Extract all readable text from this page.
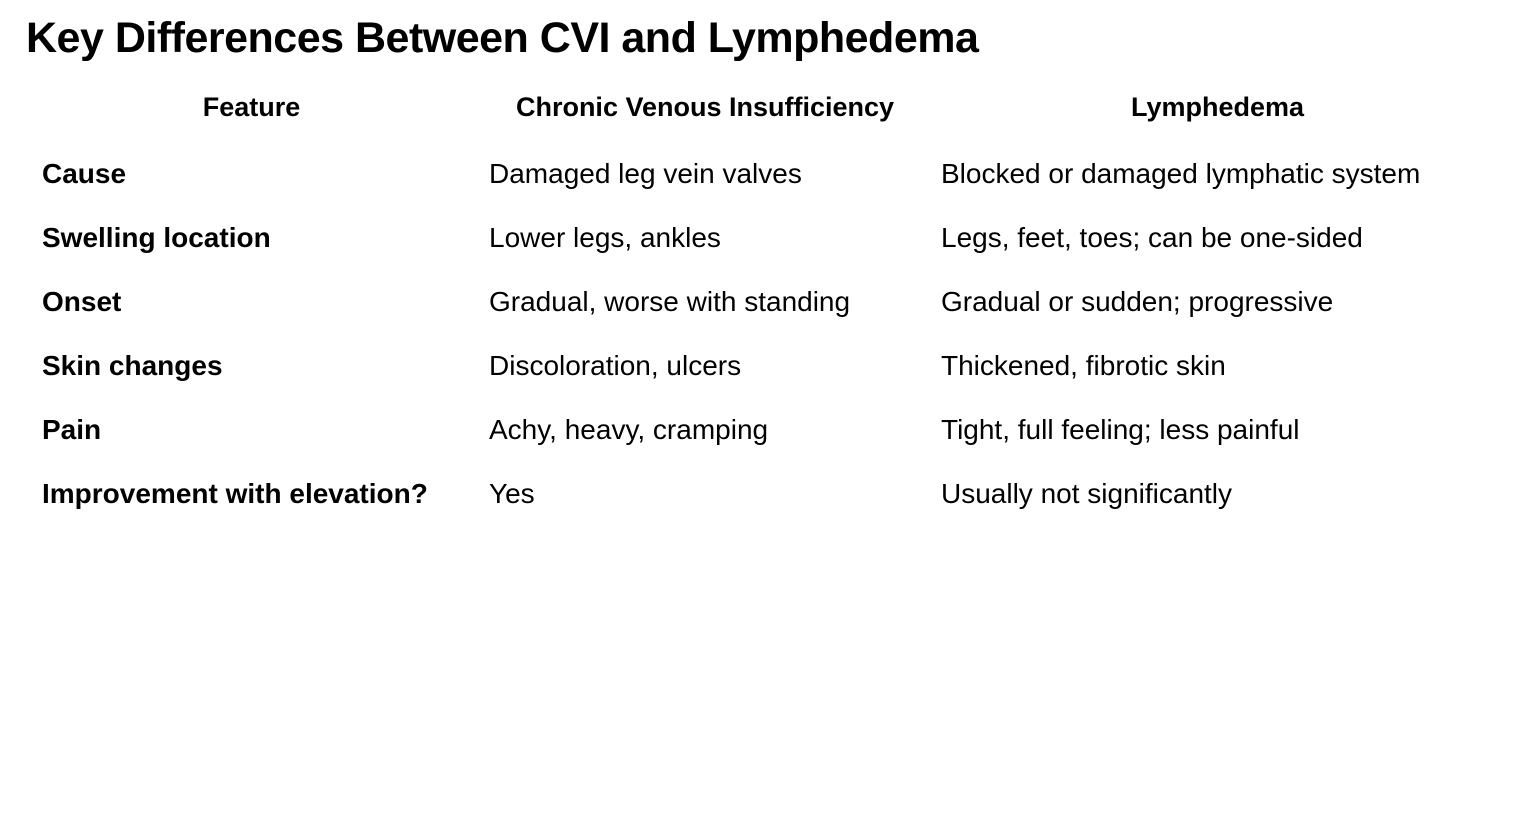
Key Differences Between CVI and Lymphedema
Feature	Chronic Venous Insufficiency	Lymphedema
Cause	Damaged leg vein valves	Blocked or damaged lymphatic system
Swelling location	Lower legs, ankles	Legs, feet, toes; can be one-sided
Onset	Gradual, worse with standing	Gradual or sudden; progressive
Skin changes	Discoloration, ulcers	Thickened, fibrotic skin
Pain	Achy, heavy, cramping	Tight, full feeling; less painful
Improvement with elevation?	Yes	Usually not significantly
